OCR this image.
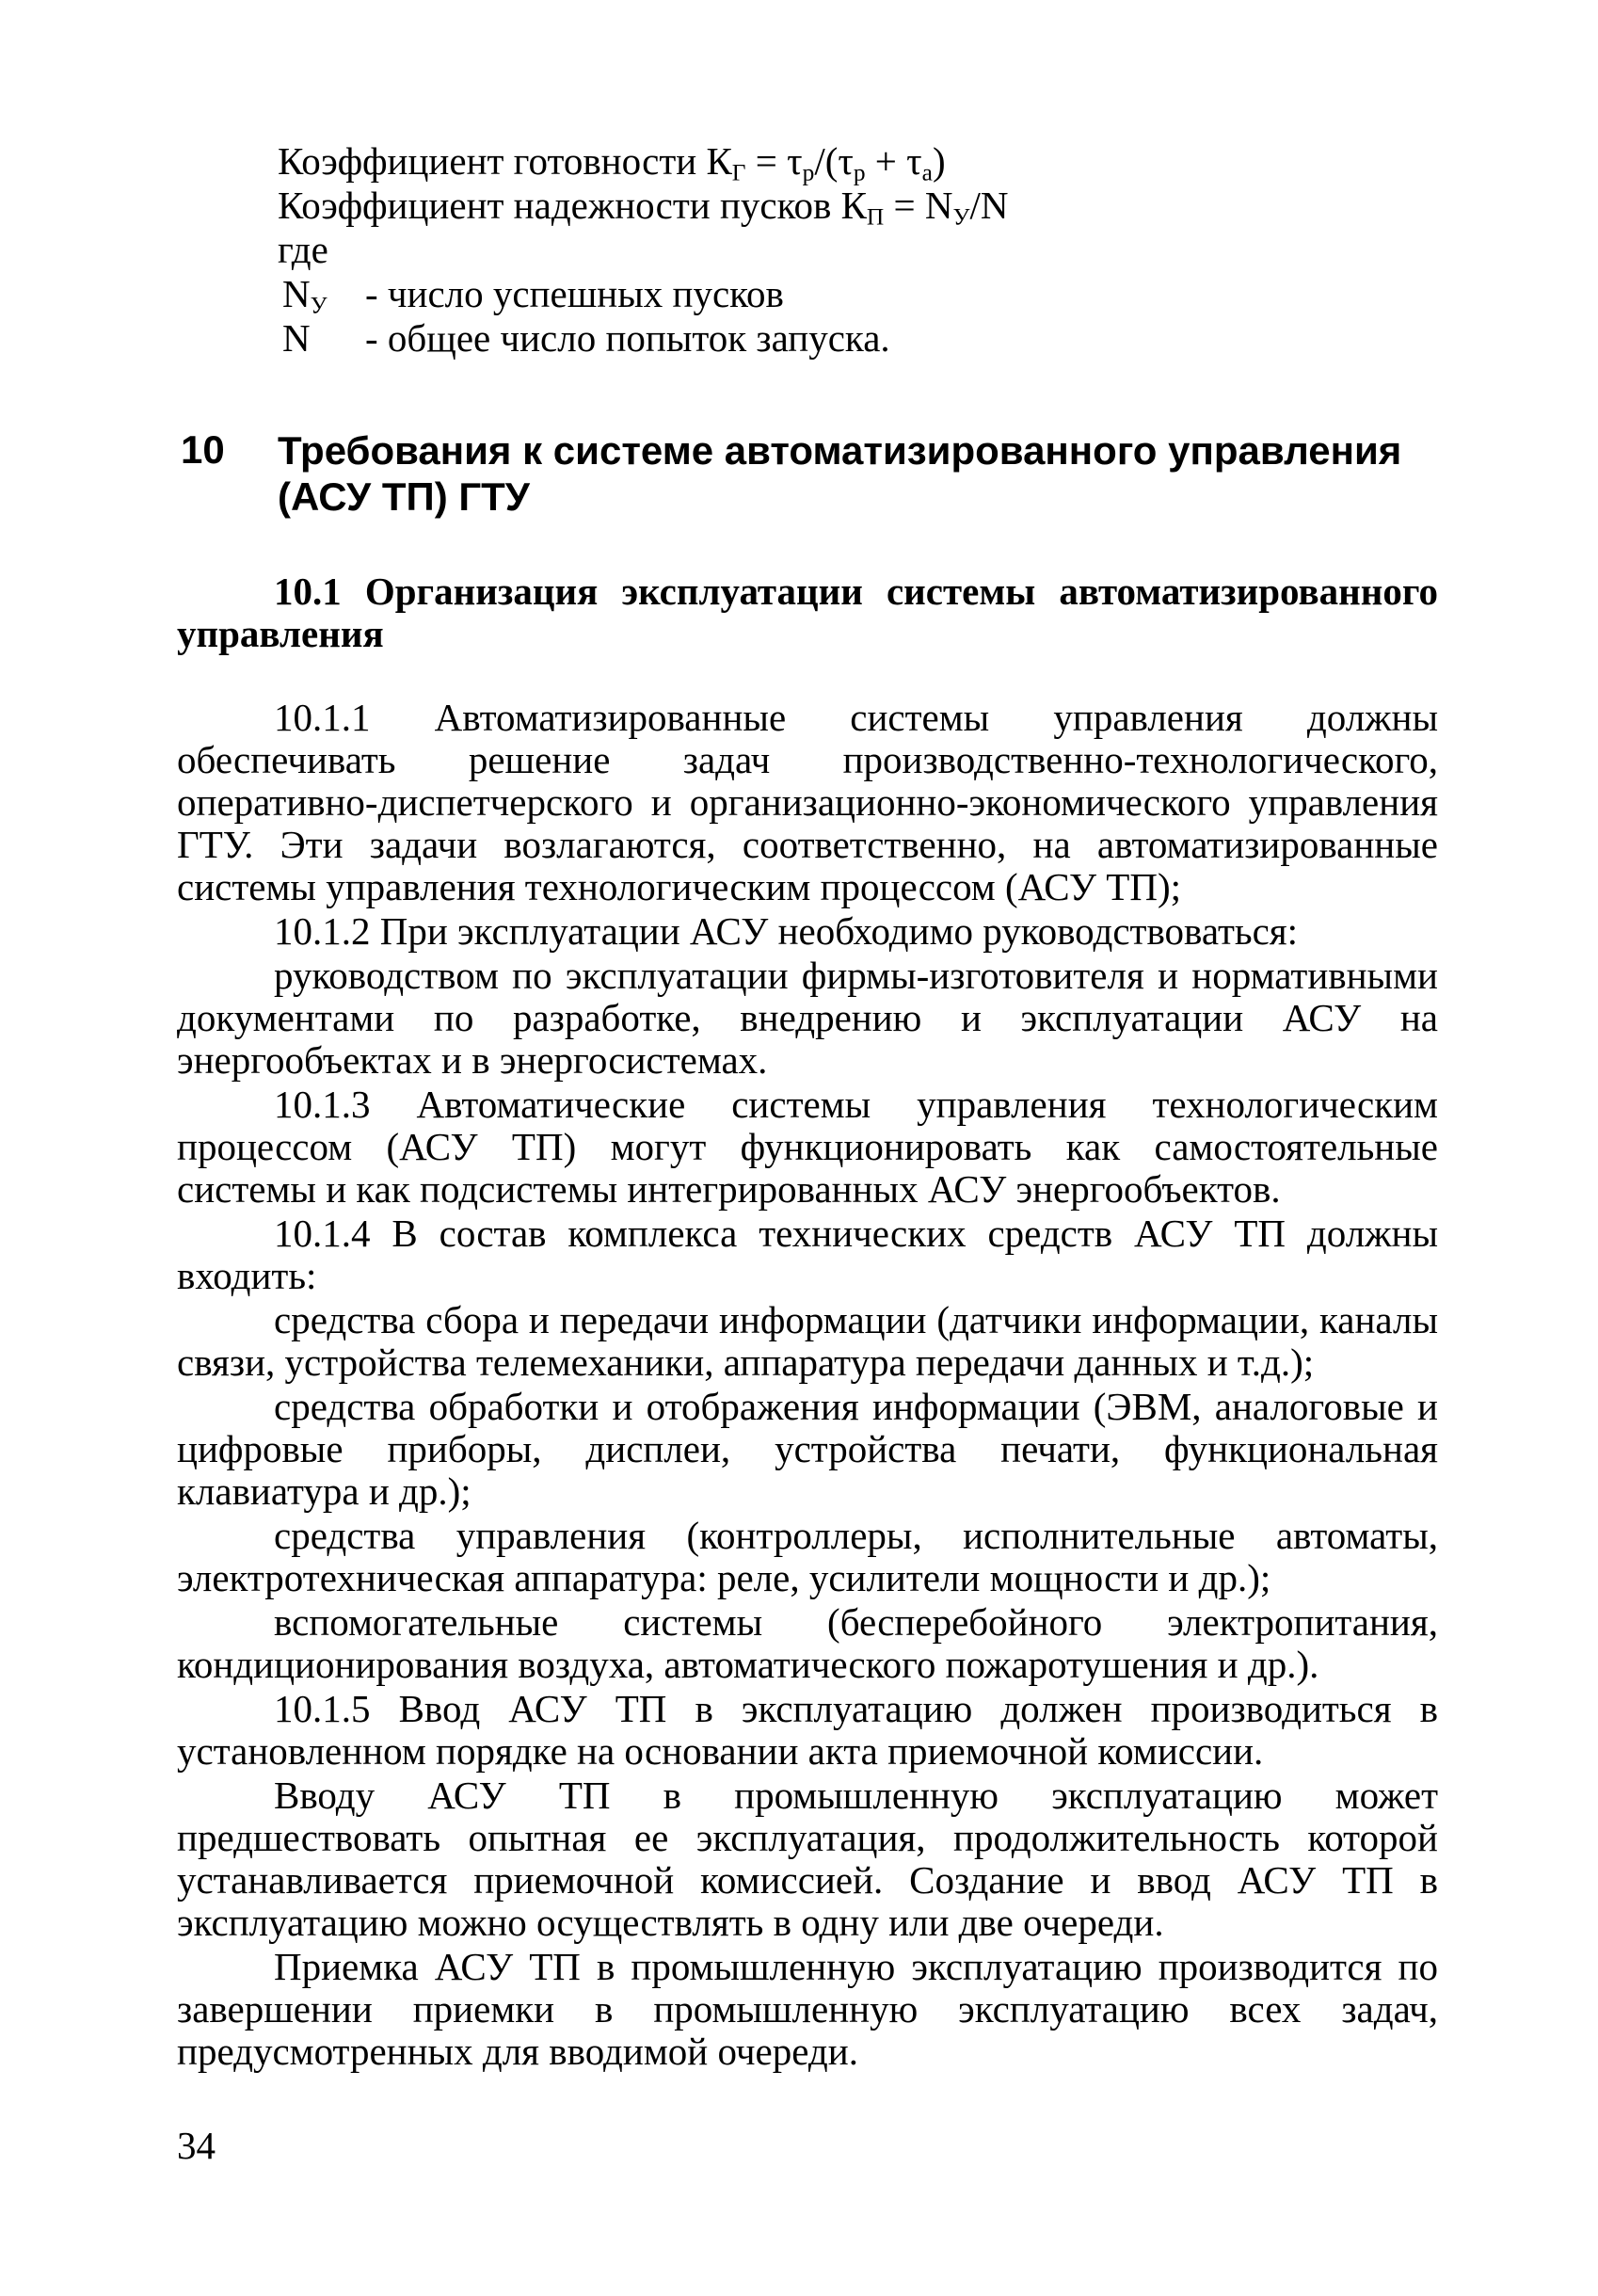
Коэффициент готовности $К_Г = \tau_p/(\tau_p + \tau_a)$
Коэффициент надежности пусков $К_П = N_У/N$
где
$N_У$ - число успешных пусков
N - общее число попыток запуска.
10 Требования к системе автоматизированного управления (АСУ ТП) ГТУ
10.1 Организация эксплуатации системы автоматизированного управления

10.1.1 Автоматизированные системы управления должны обеспечивать решение задач производственно-технологического, оперативно-диспетчерского и организационно-экономического управления ГТУ. Эти задачи возлагаются, соответственно, на автоматизированные системы управления технологическим процессом (АСУ ТП);

10.1.2 При эксплуатации АСУ необходимо руководствоваться:

руководством по эксплуатации фирмы-изготовителя и нормативными документами по разработке, внедрению и эксплуатации АСУ на энергообъектах и в энергосистемах.

10.1.3 Автоматические системы управления технологическим процессом (АСУ ТП) могут функционировать как самостоятельные системы и как подсистемы интегрированных АСУ энергообъектов.

10.1.4 В состав комплекса технических средств АСУ ТП должны входить:

средства сбора и передачи информации (датчики информации, каналы связи, устройства телемеханики, аппаратура передачи данных и т.д.);

средства обработки и отображения информации (ЭВМ, аналоговые и цифровые приборы, дисплеи, устройства печати, функциональная клавиатура и др.);

средства управления (контроллеры, исполнительные автоматы, электротехническая аппаратура: реле, усилители мощности и др.);

вспомогательные системы (бесперебойного электропитания, кондиционирования воздуха, автоматического пожаротушения и др.).

10.1.5 Ввод АСУ ТП в эксплуатацию должен производиться в установленном порядке на основании акта приемочной комиссии.

Вводу АСУ ТП в промышленную эксплуатацию может предшествовать опытная ее эксплуатация, продолжительность которой устанавливается приемочной комиссией. Создание и ввод АСУ ТП в эксплуатацию можно осуществлять в одну или две очереди.

Приемка АСУ ТП в промышленную эксплуатацию производится по завершении приемки в промышленную эксплуатацию всех задач, предусмотренных для вводимой очереди.

34
